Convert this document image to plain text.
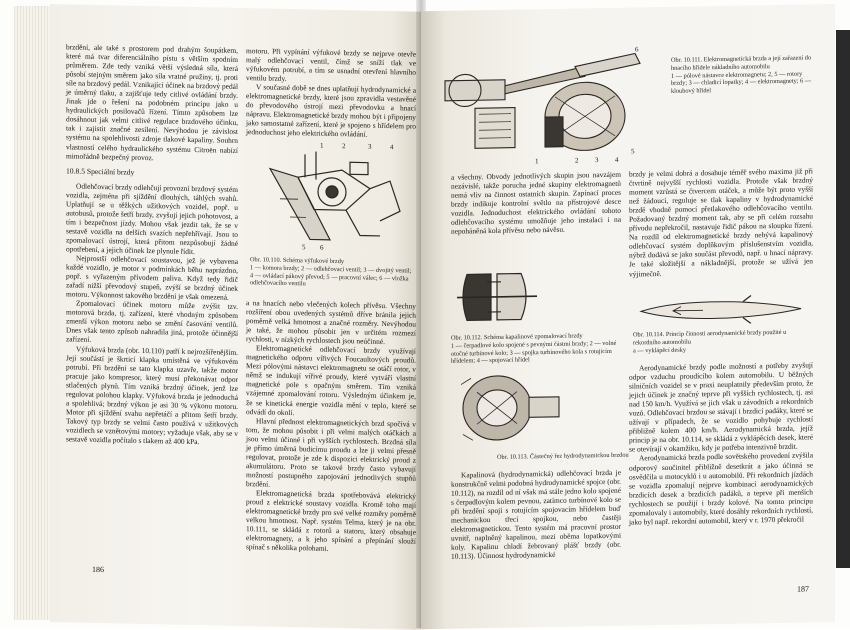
brzdění, ale také s prostorem pod drahým šoupátkem, které má tvar diferenciálního pístu s větším spodním průměrem. Zde tedy vzniká větší výsledná síla, která působí stejným směrem jako síla vratné pružiny, tj. proti síle na brzdový pedál. Vznikající účinek na brzdový pedál je úměrný tlaku, a zajišťuje tedy citlivé ovládání brzdy. Jinak jde o řešení na podobném principu jako u hydraulických posilovačů řízení. Tímto způsobem lze dosáhnout jak velmi citlivé regulace brzdového účinku, tak i zajistit značné zesílení. Nevýhodou je závislost systému na spolehlivosti zdroje tlakové kapaliny. Souhrn vlastností celého hydraulického systému Citroën nabízí mimořádně bezpečný provoz.

10.8.5 Speciální brzdy

Odlehčovací brzdy odlehčují provozní brzdový systém vozidla, zejména při sjíždění dlouhých, táhlých svahů. Uplatňují se u těžkých užitkových vozidel, popř. u autobusů, protože šetří brzdy, zvyšují jejich pohotovost, a tím i bezpečnost jízdy. Mohou však jezdit tak, že se v sestavě vozidla na delších svazích nepřehřívají. Jsou to zpomalovací ústrojí, která přitom nezpůsobují žádné opotřebení, a jejich účinek lze plynule řídit.

Nejprostší odlehčovací soustavou, jež je vybavena každé vozidlo, je motor v podmínkách běhu naprázdno, popř. s vyřazeným přívodem paliva. Když tedy řidič zařadí nižší převodový stupeň, zvýší se brzdný účinek motoru. Výkonnost takového brzdění je však omezená.

Zpomalovací účinek motoru může zvýšit tzv. motorová brzda, tj. zařízení, které vhodným způsobem zmenší výkon motoru nebo se změní časování ventilů. Dnes však tento způsob nahradila jiná, protože účinnější zařízení.

Výfuková brzda (obr. 10.110) patří k nejrozšířenějším. Její součástí je škrticí klapka umístěná ve výfukovém potrubí. Při brzdění se tato klapka uzavře, takže motor pracuje jako kompresor, který musí překonávat odpor stlačených plynů. Tím vzniká brzdný účinek, jenž lze regulovat polohou klapky. Výfuková brzda je jednoduchá a spolehlivá; brzdný výkon je asi 30 % výkonu motoru. Motor při sjíždění svahu nepřetáčí a přitom šetří brzdy. Takový typ brzdy se velmi často používá v užitkových vozidlech se vznětovými motory; vyžaduje však, aby se v sestavě vozidla počítalo s tlakem až 400 kPa.

motoru. Při vypínání výfukové brzdy se nejprve otevře malý odlehčovací ventil, čímž se sníží tlak ve výfukovém potrubí, a tím se usnadní otevření hlavního ventilu brzdy.

V současné době se dnes uplatňují hydrodynamické a elektromagnetické brzdy, které jsou zpravidla vestavěné do převodového ústrojí mezi převodovku a hnací nápravu. Elektromagnetické brzdy mohou být i připojeny jako samostatné zařízení, které je spojeno s hřídelem pro jednoduchost jeho elektrického ovládání.

1	2	3	4
5 6
Obr. 10.110. Schéma výfukové brzdy
1 — komora brzdy; 2 — odlehčovací ventil; 3 — dvojitý ventil; 4 — ovládací pákový převod; 5 — pracovní válec; 6 — vložka odlehčovacího ventilu

a na hnacích nebo vlečených kolech přívěsu. Všechny rozšíření obou uvedených systémů dříve bránila jejich poměrně velká hmotnost a značné rozměry. Nevýhodou je také, že mohou působit jen v určitém rozmezí rychlosti, v nízkých rychlostech jsou neúčinné.

Elektromagnetické odlehčovací brzdy využívají magnetického odporu vířivých Foucaultových proudů. Mezi pólovými nástavci elektromagnetu se otáčí rotor, v němž se indukují vířivé proudy, které vytváří vlastní magnetické pole s opačným směrem. Tím vzniká vzájemné zpomalování rotoru. Výsledným účinkem je, že se kinetická energie vozidla mění v teplo, které se odvádí do okolí.

Hlavní přednost elektromagnetických brzd spočívá v tom, že mohou působit i při velmi malých otáčkách a jsou velmi účinné i při vyšších rychlostech. Brzdná síla je přímo úměrná budicímu proudu a lze ji velmi přesně regulovat, protože je zde k dispozici elektrický proud z akumulátoru. Proto se takové brzdy často vybavují možností postupného zapojování jednotlivých stupňů brzdění.

Elektromagnetická brzda spotřebovává elektrický proud z elektrické soustavy vozidla. Kromě toho mají elektromagnetické brzdy pro své velké rozměry poměrně velkou hmotnost. Např. systém Telma, který je na obr. 10.111, se skládá z rotorů a statoru, který obsahuje elektromagnety, a k jeho spínání a přepínání slouží spínač s několika polohami.

186
1	2 3 4
5
6
Obr. 10.111. Elektromagnetická brzda a její zařazení do hnacího hřídele nákladního automobilu
1 — pólové nástavce elektromagnetu; 2, 5 — rotory brzdy; 3 — chladicí lopatky; 4 — elektromagnety; 6 — kloubový hřídel

a všechny. Obvody jednotlivých skupin jsou navzájem nezávislé, takže porucha jedné skupiny elektromagnetů nemá vliv na činnost ostatních skupin. Zapínací proces brzdy indikuje kontrolní světlo na přístrojové desce vozidla. Jednoduchost elektrického ovládání tohoto odlehčovacího systému umožňuje jeho instalaci i na nepoháněná kola přívěsu nebo návěsu.

Obr. 10.112. Schéma kapalinové zpomalovací brzdy
1 — čerpadlové kolo spojené s pevnými částmi brzdy; 2 — volné otočné turbínové kolo; 3 — spojka turbínového kola s rotujícím hřídelem; 4 — spojovací hřídel
Obr. 10.113. Částečný řez hydrodynamickou brzdou

Kapalinová (hydrodynamická) odlehčovací brzda je konstrukčně velmi podobná hydrodynamické spojce (obr. 10.112), na rozdíl od ní však má stále jedno kolo spojené s čerpadlovým kolem pevnou, zatímco turbínové kolo se při brzdění spojí s rotujícím spojovacím hřídelem buď mechanickou třecí spojkou, nebo častěji elektromagnetickou. Tento systém má pracovní prostor uvnitř, naplněný kapalinou, mezi oběma lopatkovými koly. Kapalinu chladí žebrovaný plášť brzdy (obr. 10.113). Účinnost hydrodynamické

brzdy je velmi dobrá a dosahuje téměř svého maxima již při čtvrtině nejvyšší rychlosti vozidla. Protože však brzdný moment vzrůstá se čtvercem otáček, a může být proto vyšší než žádoucí, reguluje se tlak kapaliny v hydrodynamické brzdě vhodně pomocí přetlakového odlehčovacího ventilu. Požadovaný brzdný moment tak, aby se při celém rozsahu přívodu nepřekročil, nastavuje řidič pákou na sloupku řízení. Na rozdíl od elektromagnetické brzdy nebývá kapalinový odlehčovací systém doplňkovým příslušenstvím vozidla, nýbrž dodává se jako součást převodů, např. u hnací nápravy. Je také složitější a nákladnější, protože se užívá jen výjimečně.

Obr. 10.114. Princip činnosti aerodynamické brzdy použité u rekordního automobilu
a — vyklápěcí desky

Aerodynamické brzdy podle možností a potřeby zvyšují odpor vzduchu proudícího kolem automobilu. U běžných silničních vozidel se v praxi neuplatnily především proto, že jejich účinek je značný teprve při vyšších rychlostech, tj. asi nad 150 km/h. Využívá se jich však u závodních a rekordních vozů. Odlehčovací brzdou se stávají i brzdicí padáky, které se užívají v případech, že se vozidlo pohybuje rychlostí přibližně kolem 400 km/h. Aerodynamická brzda, jejíž princip je na obr. 10.114, se skládá z vyklápěcích desek, které se otevírají v okamžiku, kdy je potřeba intenzivně brzdit.

Aerodynamická brzda podle sovětského provedení zvýšila odporový součinitel přibližně desetkrát a jako účinná se osvědčila u motocyklů i u automobilů. Při rekordních jízdách se vozidla zpomalují nejprve kombinací aerodynamických brzdicích desek a brzdicích padáků, a teprve při menších rychlostech se použijí i brzdy kolové. Na tomto principu zpomalovaly i automobily, které dosáhly rekordních rychlostí, jako byl např. rekordní automobil, který v r. 1970 překročil

187
